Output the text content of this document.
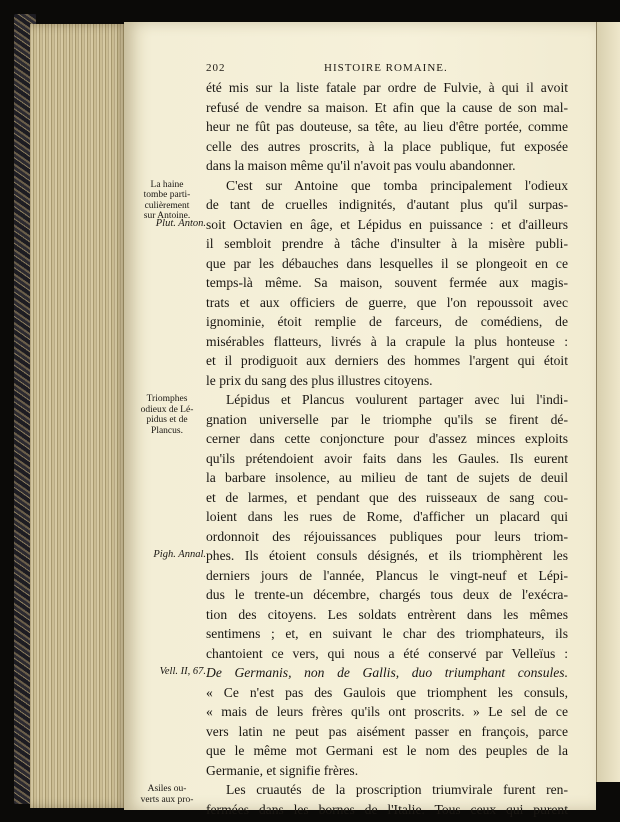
202	HISTOIRE ROMAINE.
été mis sur la liste fatale par ordre de Fulvie, à qui il avoit
refusé de vendre sa maison. Et afin que la cause de son mal-
heur ne fût pas douteuse, sa tête, au lieu d'être portée, comme
celle des autres proscrits, à la place publique, fut exposée
dans la maison même qu'il n'avoit pas voulu abandonner.
C'est sur Antoine que tomba principalement l'odieux
de tant de cruelles indignités, d'autant plus qu'il surpas-
soit Octavien en âge, et Lépidus en puissance : et d'ailleurs
il sembloit prendre à tâche d'insulter à la misère publi-
que par les débauches dans lesquelles il se plongeoit en ce
temps-là même. Sa maison, souvent fermée aux magis-
trats et aux officiers de guerre, que l'on repoussoit avec
ignominie, étoit remplie de farceurs, de comédiens, de
misérables flatteurs, livrés à la crapule la plus honteuse :
et il prodiguoit aux derniers des hommes l'argent qui étoit
le prix du sang des plus illustres citoyens.
Lépidus et Plancus voulurent partager avec lui l'indi-
gnation universelle par le triomphe qu'ils se firent dé-
cerner dans cette conjoncture pour d'assez minces exploits
qu'ils prétendoient avoir faits dans les Gaules. Ils eurent
la barbare insolence, au milieu de tant de sujets de deuil
et de larmes, et pendant que des ruisseaux de sang cou-
loient dans les rues de Rome, d'afficher un placard qui
ordonnoit des réjouissances publiques pour leurs triom-
phes. Ils étoient consuls désignés, et ils triomphèrent les
derniers jours de l'année, Plancus le vingt-neuf et Lépi-
dus le trente-un décembre, chargés tous deux de l'exécra-
tion des citoyens. Les soldats entrèrent dans les mêmes
sentimens ; et, en suivant le char des triomphateurs, ils
chantoient ce vers, qui nous a été conservé par Velleïus :
De Germanis, non de Gallis, duo triumphant consules.
« Ce n'est pas des Gaulois que triomphent les consuls,
« mais de leurs frères qu'ils ont proscrits. » Le sel de ce
vers latin ne peut pas aisément passer en françois, parce
que le même mot Germani est le nom des peuples de la
Germanie, et signifie frères.
Les cruautés de la proscription triumvirale furent ren-
fermées dans les bornes de l'Italie. Tous ceux qui purent
La haine
tombe parti-
culièrement
sur Antoine.
Plut. Anton.
Triomphes
odieux de Lé-
pidus et de
Plancus.
Pigh. Annal.
Vell. II, 67.
Asiles ou-
verts aux pro-
